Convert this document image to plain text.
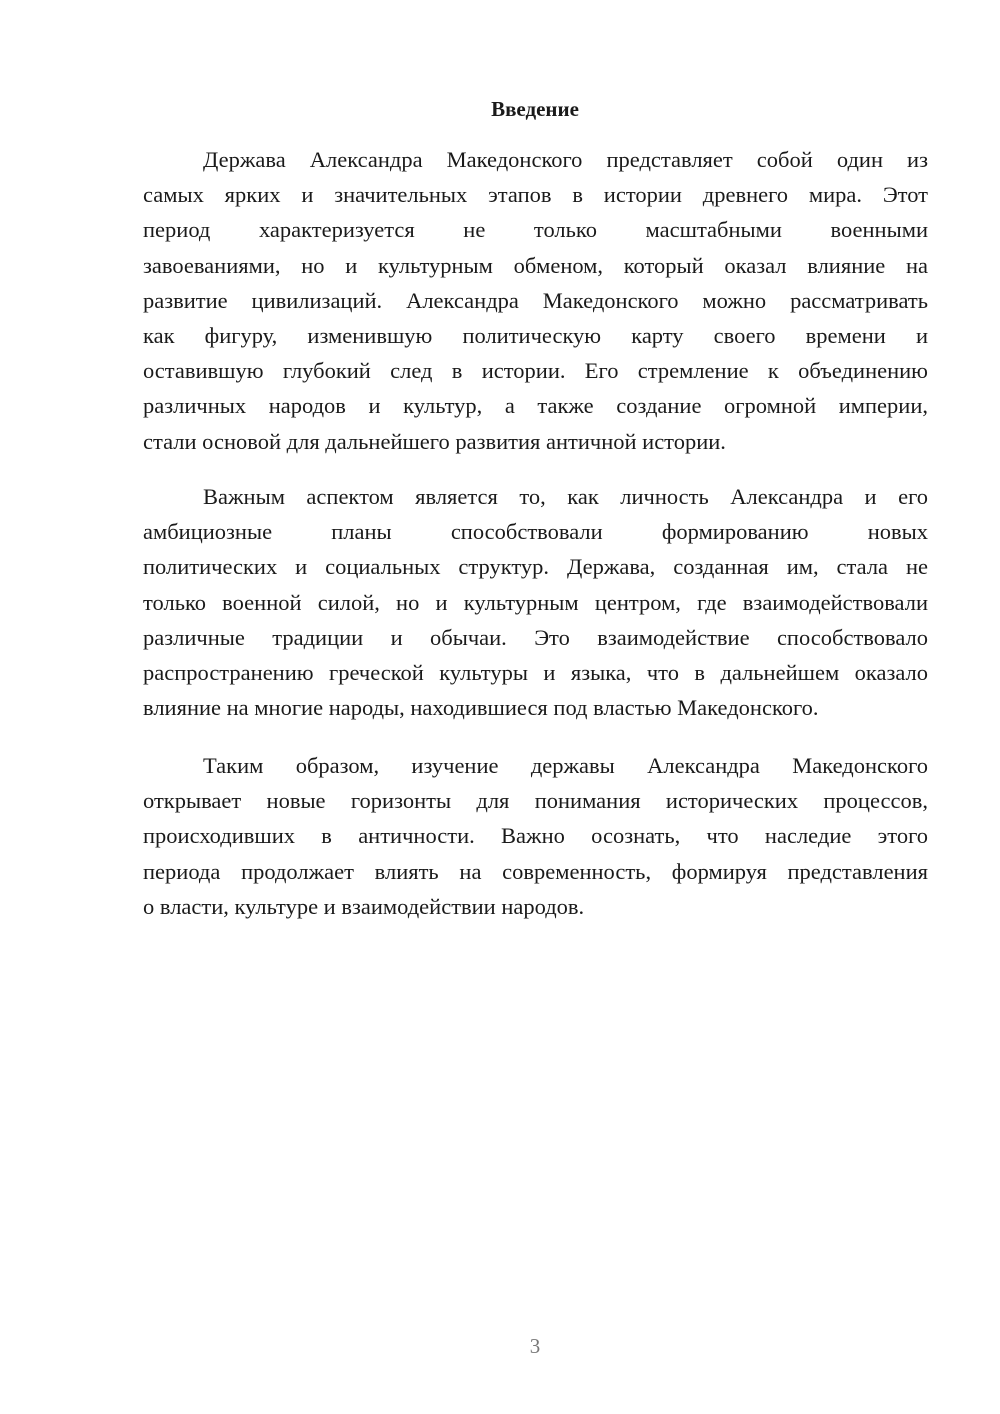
Введение
Держава Александра Македонского представляет собой один из
самых ярких и значительных этапов в истории древнего мира. Этот
период характеризуется не только масштабными военными
завоеваниями, но и культурным обменом, который оказал влияние на
развитие цивилизаций. Александра Македонского можно рассматривать
как фигуру, изменившую политическую карту своего времени и
оставившую глубокий след в истории. Его стремление к объединению
различных народов и культур, а также создание огромной империи,
стали основой для дальнейшего развития античной истории.
Важным аспектом является то, как личность Александра и его
амбициозные планы способствовали формированию новых
политических и социальных структур. Держава, созданная им, стала не
только военной силой, но и культурным центром, где взаимодействовали
различные традиции и обычаи. Это взаимодействие способствовало
распространению греческой культуры и языка, что в дальнейшем оказало
влияние на многие народы, находившиеся под властью Македонского.
Таким образом, изучение державы Александра Македонского
открывает новые горизонты для понимания исторических процессов,
происходивших в античности. Важно осознать, что наследие этого
периода продолжает влиять на современность, формируя представления
о власти, культуре и взаимодействии народов.
3
